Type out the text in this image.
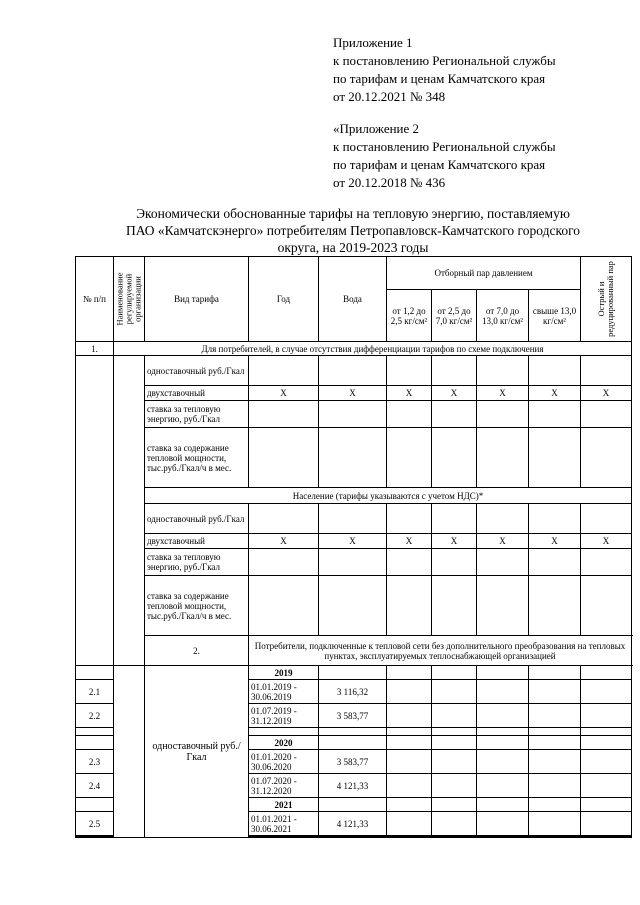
Приложение 1
к постановлению Региональной службы
по тарифам и ценам Камчатского края
от 20.12.2021 № 348
«Приложение 2
к постановлению Региональной службы
по тарифам и ценам Камчатского края
от 20.12.2018 № 436
Экономически обоснованные тарифы на тепловую энергию, поставляемую
ПАО «Камчатскэнерго» потребителям Петропавловск-Камчатского городского
округа, на 2019-2023 годы
№ п/п	Наименование регулируемой организации	Вид тарифа	Год	Вода	Отборный пар давлением				Острый и редуцированный пар

					от 1,2 до 2,5 кг/см²	от 2,5 до 7,0 кг/см²	от 7,0 до 13,0 кг/см²	свыше 13,0 кг/см²	
1.	Для потребителей, в случае отсутствия дифференциации тарифов по схеме подключения								
		одноставочный руб./Гкал							
		двухставочный	Х	Х	Х	Х	Х	Х	Х
		ставка за тепловую энергию, руб./Гкал							
		ставка за содержание тепловой мощности, тыс.руб./Гкал/ч в мес.							
		Население (тарифы указываются с учетом НДС)*							
		одноставочный руб./Гкал							
		двухставочный	Х	Х	Х	Х	Х	Х	Х
		ставка за тепловую энергию, руб./Гкал							
		ставка за содержание тепловой мощности, тыс.руб./Гкал/ч в мес.							
		2.	Потребители, подключенные к тепловой сети без дополнительного преобразования на тепловых пунктах, эксплуатируемых теплоснабжающей организацией						
		одноставочный руб./Гкал	2019						
2.1			01.01.2019 - 30.06.2019	3 116,32					
2.2			01.07.2019 - 31.12.2019	3 583,77					

			2020						
2.3			01.01.2020 - 30.06.2020	3 583,77					
2.4			01.07.2020 - 31.12.2020	4 121,33					
			2021						
2.5			01.01.2021 - 30.06.2021	4 121,33					
